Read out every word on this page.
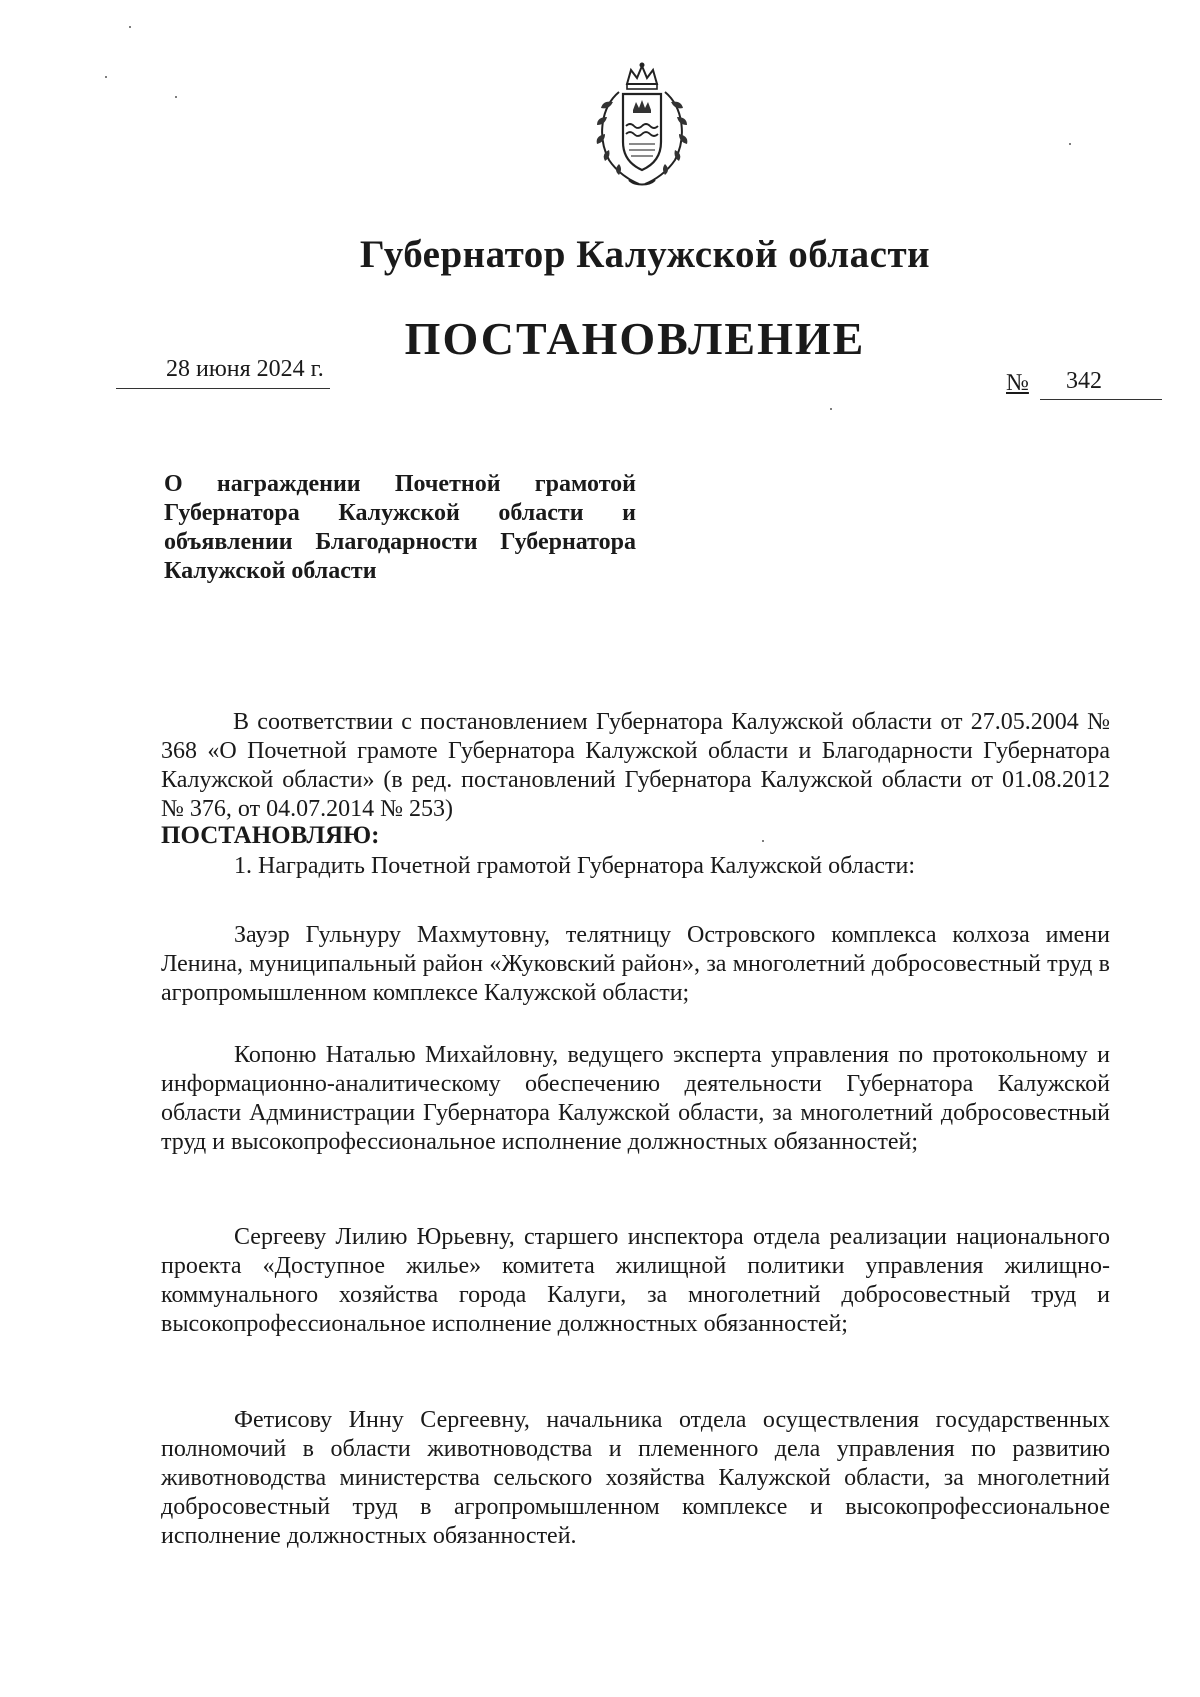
Губернатор Калужской области
ПОСТАНОВЛЕНИЕ
28 июня 2024 г.
№ 342
О награждении Почетной грамотой Губернатора Калужской области и объявлении Благодарности Губернатора Калужской области
В соответствии с постановлением Губернатора Калужской области от 27.05.2004 № 368 «О Почетной грамоте Губернатора Калужской области и Благодарности Губернатора Калужской области» (в ред. постановлений Губернатора Калужской области от 01.08.2012 № 376, от 04.07.2014 № 253)
ПОСТАНОВЛЯЮ:
1. Наградить Почетной грамотой Губернатора Калужской области:
Зауэр Гульнуру Махмутовну, телятницу Островского комплекса колхоза имени Ленина, муниципальный район «Жуковский район», за многолетний добросовестный труд в агропромышленном комплексе Калужской области;
Копоню Наталью Михайловну, ведущего эксперта управления по протокольному и информационно-аналитическому обеспечению деятельности Губернатора Калужской области Администрации Губернатора Калужской области, за многолетний добросовестный труд и высокопрофессиональное исполнение должностных обязанностей;
Сергееву Лилию Юрьевну, старшего инспектора отдела реализации национального проекта «Доступное жилье» комитета жилищной политики управления жилищно-коммунального хозяйства города Калуги, за многолетний добросовестный труд и высокопрофессиональное исполнение должностных обязанностей;
Фетисову Инну Сергеевну, начальника отдела осуществления государственных полномочий в области животноводства и племенного дела управления по развитию животноводства министерства сельского хозяйства Калужской области, за многолетний добросовестный труд в агропромышленном комплексе и высокопрофессиональное исполнение должностных обязанностей.
